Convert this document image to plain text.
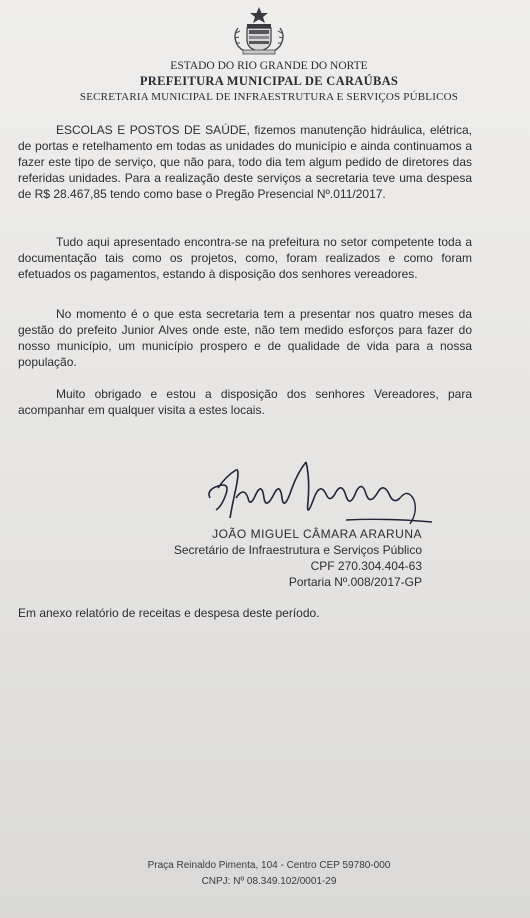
ESTADO DO RIO GRANDE DO NORTE
PREFEITURA MUNICIPAL DE CARAÚBAS
SECRETARIA MUNICIPAL DE INFRAESTRUTURA E SERVIÇOS PÚBLICOS

ESCOLAS E POSTOS DE SAÚDE, fizemos manutenção hidráulica, elétrica, de portas e retelhamento em todas as unidades do município e ainda continuamos a fazer este tipo de serviço, que não para, todo dia tem algum pedido de diretores das referidas unidades. Para a realização deste serviços a secretaria teve uma despesa de R$ 28.467,85 tendo como base o Pregão Presencial Nº.011/2017.

Tudo aqui apresentado encontra-se na prefeitura no setor competente toda a documentação tais como os projetos, como, foram realizados e como foram efetuados os pagamentos, estando à disposição dos senhores vereadores.

No momento é o que esta secretaria tem a presentar nos quatro meses da gestão do prefeito Junior Alves onde este, não tem medido esforços para fazer do nosso município, um município prospero e de qualidade de vida para a nossa população.

Muito obrigado e estou a disposição dos senhores Vereadores, para acompanhar em qualquer visita a estes locais.

JOÃO MIGUEL CÂMARA ARARUNA
Secretário de Infraestrutura e Serviços Público
CPF 270.304.404-63
Portaria Nº.008/2017-GP
Em anexo relatório de receitas e despesa deste período.
Praça Reinaldo Pimenta, 104 - Centro CEP 59780-000
CNPJ: Nº 08.349.102/0001-29
